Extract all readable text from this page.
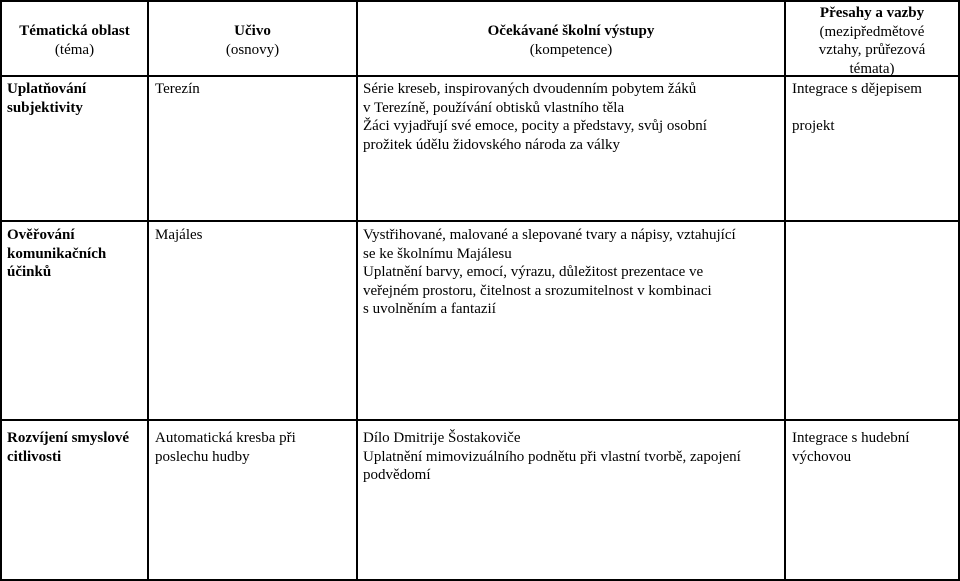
Tématická oblast
(téma)
Učivo
(osnovy)
Očekávané školní výstupy
(kompetence)
Přesahy a vazby
(mezipředmětové
vztahy, průřezová
témata)
Uplatňování
subjektivity
Terezín	Série kreseb, inspirovaných dvoudenním pobytem žáků
v Terezíně, používání obtisků vlastního těla
Žáci vyjadřují své emoce, pocity a představy, svůj osobní
prožitek údělu židovského národa za války
Integrace s dějepisem
projekt
Ověřování
komunikačních
účinků
Majáles	Vystřihované, malované a slepované tvary a nápisy, vztahující
se ke školnímu Majálesu
Uplatnění barvy, emocí, výrazu, důležitost prezentace ve
veřejném prostoru, čitelnost a srozumitelnost v kombinaci
s uvolněním a fantazií
Rozvíjení smyslové
citlivosti
Automatická kresba při
poslechu hudby
Dílo Dmitrije Šostakoviče
Uplatnění mimovizuálního podnětu při vlastní tvorbě, zapojení
podvědomí
Integrace s hudební
výchovou
